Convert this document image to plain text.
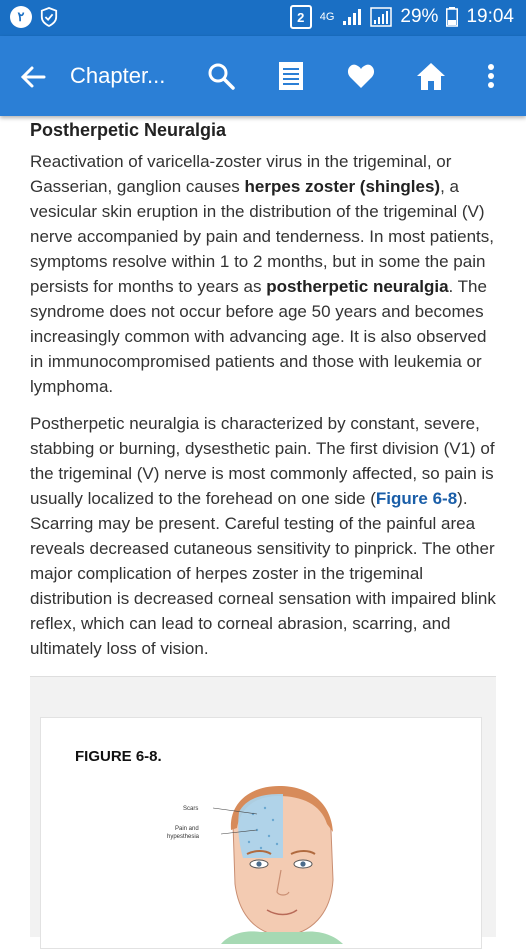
٢	2	4G	29% 19:04
Chapter...
Postherpetic Neuralgia

Reactivation of varicella-zoster virus in the trigeminal, or Gasserian, ganglion causes herpes zoster (shingles), a vesicular skin eruption in the distribution of the trigeminal (V) nerve accompanied by pain and tenderness. In most patients, symptoms resolve within 1 to 2 months, but in some the pain persists for months to years as postherpetic neuralgia. The syndrome does not occur before age 50 years and becomes increasingly common with advancing age. It is also observed in immunocompromised patients and those with leukemia or lymphoma.

Postherpetic neuralgia is characterized by constant, severe, stabbing or burning, dysesthetic pain. The first division (V1) of the trigeminal (V) nerve is most commonly affected, so pain is usually localized to the forehead on one side (Figure 6-8). Scarring may be present. Careful testing of the painful area reveals decreased cutaneous sensitivity to pinprick. The other major complication of herpes zoster in the trigeminal distribution is decreased corneal sensation with impaired blink reflex, which can lead to corneal abrasion, scarring, and ultimately loss of vision.

FIGURE 6-8.
Scars
Pain and
hypesthesia
